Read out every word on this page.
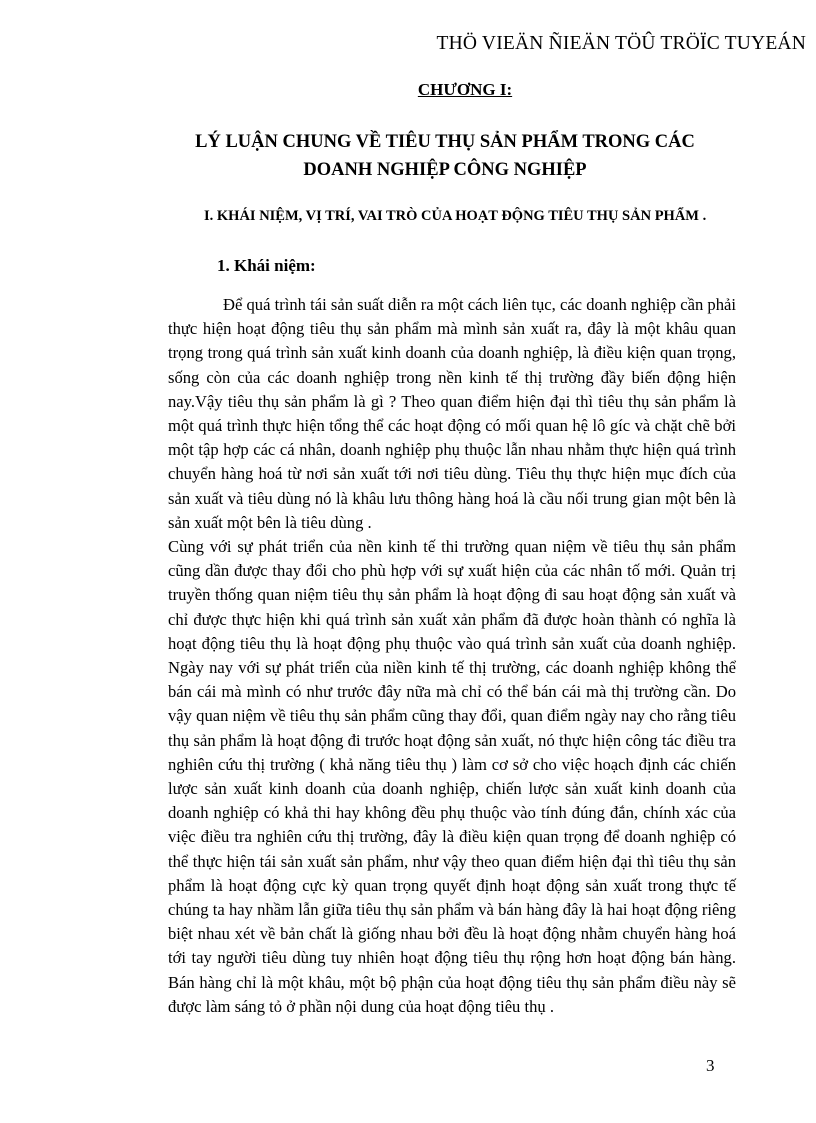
THÖ VIEÄN ÑIEÄN TÖÛ TRÖÏC TUYEÁN
CHƯƠNG I:
LÝ LUẬN CHUNG VỀ TIÊU THỤ SẢN PHẨM TRONG CÁC
DOANH NGHIỆP CÔNG NGHIỆP
I. KHÁI NIỆM, VỊ TRÍ, VAI TRÒ CỦA HOẠT ĐỘNG TIÊU THỤ SẢN PHẨM .
1. Khái niệm:

Để quá trình tái sản suất diễn ra một cách liên tục, các doanh nghiệp cần phải thực hiện hoạt động tiêu thụ sản phẩm mà mình sản xuất ra, đây là một khâu quan trọng trong quá trình sản xuất kinh doanh của doanh nghiệp, là điều kiện quan trọng, sống còn của các doanh nghiệp trong nền kinh tế thị trường đầy biến động hiện nay.Vậy tiêu thụ sản phẩm là gì ? Theo quan điểm hiện đại thì tiêu thụ sản phẩm là một quá trình thực hiện tổng thể các hoạt động có mối quan hệ lô gíc và chặt chẽ bởi một tập hợp các cá nhân, doanh nghiệp phụ thuộc lẫn nhau nhằm thực hiện quá trình chuyển hàng hoá từ nơi sản xuất tới nơi tiêu dùng. Tiêu thụ thực hiện mục đích của sản xuất và tiêu dùng nó là khâu lưu thông hàng hoá là cầu nối trung gian một bên là sản xuất một bên là tiêu dùng .

Cùng với sự phát triển của nền kinh tế thi trường quan niệm về tiêu thụ sản phẩm cũng dần được thay đổi cho phù hợp với sự xuất hiện của các nhân tố mới. Quản trị truyền thống quan niệm tiêu thụ sản phẩm là hoạt động đi sau hoạt động sản xuất và chỉ được thực hiện khi quá trình sản xuất xản phẩm đã được hoàn thành có nghĩa là hoạt động tiêu thụ là hoạt động phụ thuộc vào quá trình sản xuất của doanh nghiệp. Ngày nay với sự phát triển của niền kinh tế thị trường, các doanh nghiệp không thể bán cái mà mình có như trước đây nữa mà chỉ có thể bán cái mà thị trường cần. Do vậy quan niệm về tiêu thụ sản phẩm cũng thay đổi, quan điểm ngày nay cho rằng tiêu thụ sản phẩm là hoạt động đi trước hoạt động sản xuất, nó thực hiện công tác điều tra nghiên cứu thị trường ( khả năng tiêu thụ ) làm cơ sở cho việc hoạch định các chiến lược sản xuất kinh doanh của doanh nghiệp, chiến lược sản xuất kinh doanh của doanh nghiệp có khả thi hay không đều phụ thuộc vào tính đúng đắn, chính xác của việc điều tra nghiên cứu thị trường, đây là điều kiện quan trọng để doanh nghiệp có thể thực hiện tái sản xuất sản phẩm, như vậy theo quan điểm hiện đại thì tiêu thụ sản phẩm là hoạt động cực kỳ quan trọng quyết định hoạt động sản xuất trong thực tế chúng ta hay nhầm lẫn giữa tiêu thụ sản phẩm và bán hàng đây là hai hoạt động riêng biệt nhau xét về bản chất là giống nhau bởi đều là hoạt động nhằm chuyển hàng hoá tới tay người tiêu dùng tuy nhiên hoạt động tiêu thụ rộng hơn hoạt động bán hàng. Bán hàng chỉ là một khâu, một bộ phận của hoạt động tiêu thụ sản phẩm điều này sẽ được làm sáng tỏ ở phần nội dung của hoạt động tiêu thụ .

3
